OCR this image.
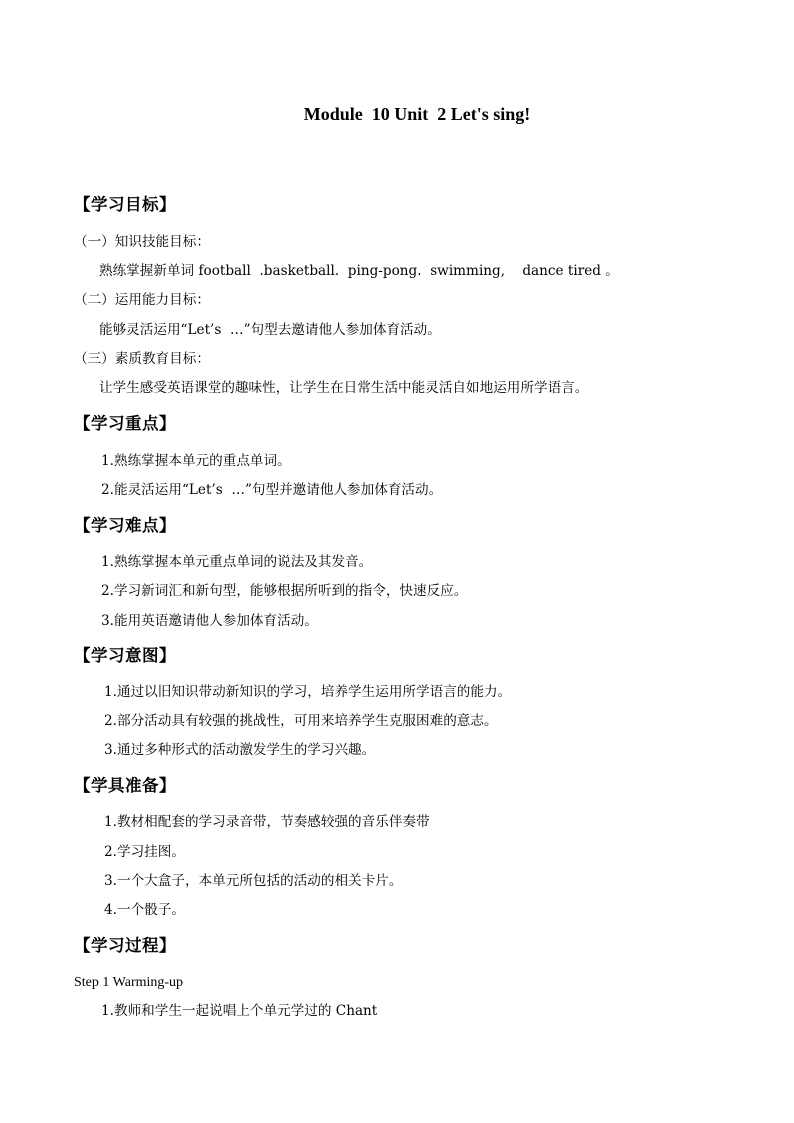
Module  10 Unit  2 Let's sing!
【学习目标】
（一）知识技能目标：
熟练掌握新单词 football  .basketball.  ping-pong.  swimming,    dance tired 。
（二）运用能力目标：
能够灵活运用“Let’s  …”句型去邀请他人参加体育活动。
（三）素质教育目标：
让学生感受英语课堂的趣味性，让学生在日常生活中能灵活自如地运用所学语言。
【学习重点】
1.熟练掌握本单元的重点单词。
2.能灵活运用“Let’s  …”句型并邀请他人参加体育活动。
【学习难点】
1.熟练掌握本单元重点单词的说法及其发音。
2.学习新词汇和新句型，能够根据所听到的指令，快速反应。
3.能用英语邀请他人参加体育活动。
【学习意图】
1.通过以旧知识带动新知识的学习，培养学生运用所学语言的能力。
2.部分活动具有较强的挑战性，可用来培养学生克服困难的意志。
3.通过多种形式的活动激发学生的学习兴趣。
【学具准备】
1.教材相配套的学习录音带，节奏感较强的音乐伴奏带
2.学习挂图。
3.一个大盒子，本单元所包括的活动的相关卡片。
4.一个骰子。
【学习过程】
Step 1 Warming-up
1.教师和学生一起说唱上个单元学过的 Chant
